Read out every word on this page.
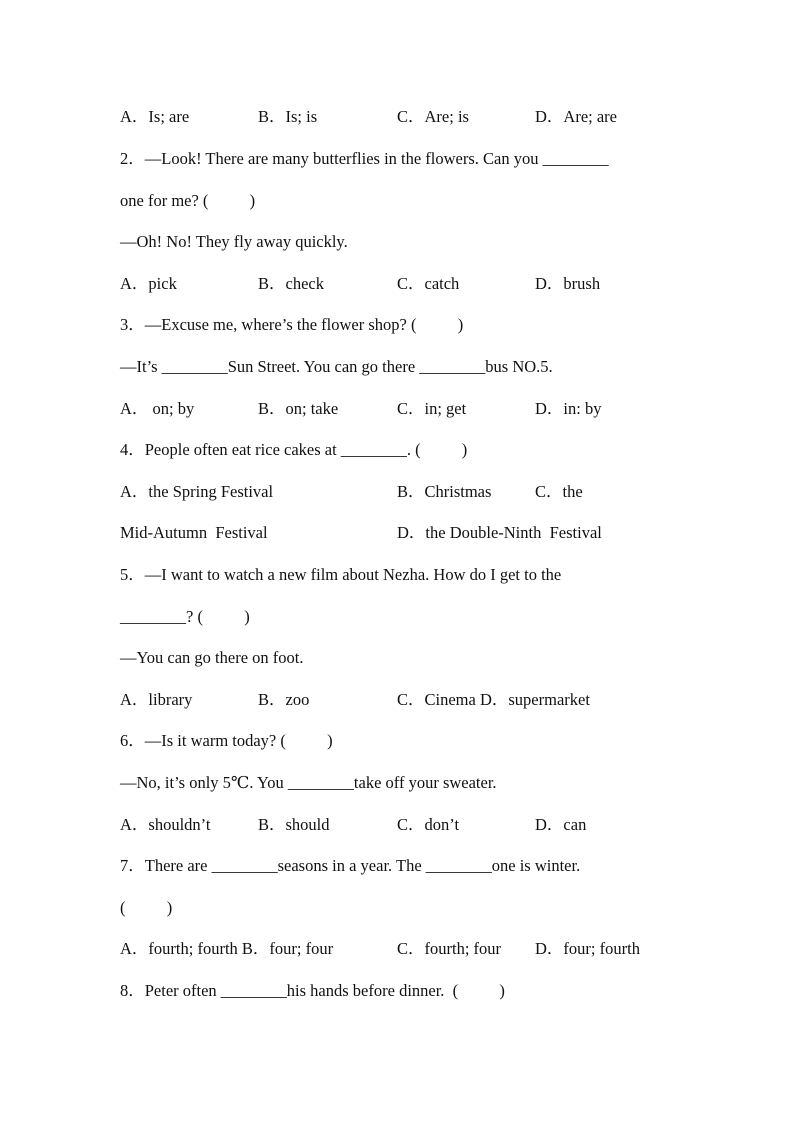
A．Is; are	B．Is; is	C．Are; is	D．Are; are
2．—Look! There are many butterflies in the flowers. Can you ________
one for me? (          )
—Oh! No! They fly away quickly.
A．pick	B．check	C．catch	D．brush
3．—Excuse me, where’s the flower shop? (          )
—It’s ________Sun Street. You can go there ________bus NO.5.
A． on; by	B．on; take	C．in; get	D．in: by
4．People often eat rice cakes at ________. (          )
A．the Spring Festival	B．Christmas	C．the
Mid-Autumn  Festival	D．the Double-Ninth  Festival
5．—I want to watch a new film about Nezha. How do I get to the
________? (          )
—You can go there on foot.
A．library	B．zoo	C．Cinema D．supermarket
6．—Is it warm today? (          )
—No, it’s only 5℃. You ________take off your sweater.
A．shouldn’t	B．should	C．don’t	D．can
7．There are ________seasons in a year. The ________one is winter.
(          )
A．fourth; fourth B．four; four	C．fourth; four D．four; fourth
8．Peter often ________his hands before dinner.  (          )
